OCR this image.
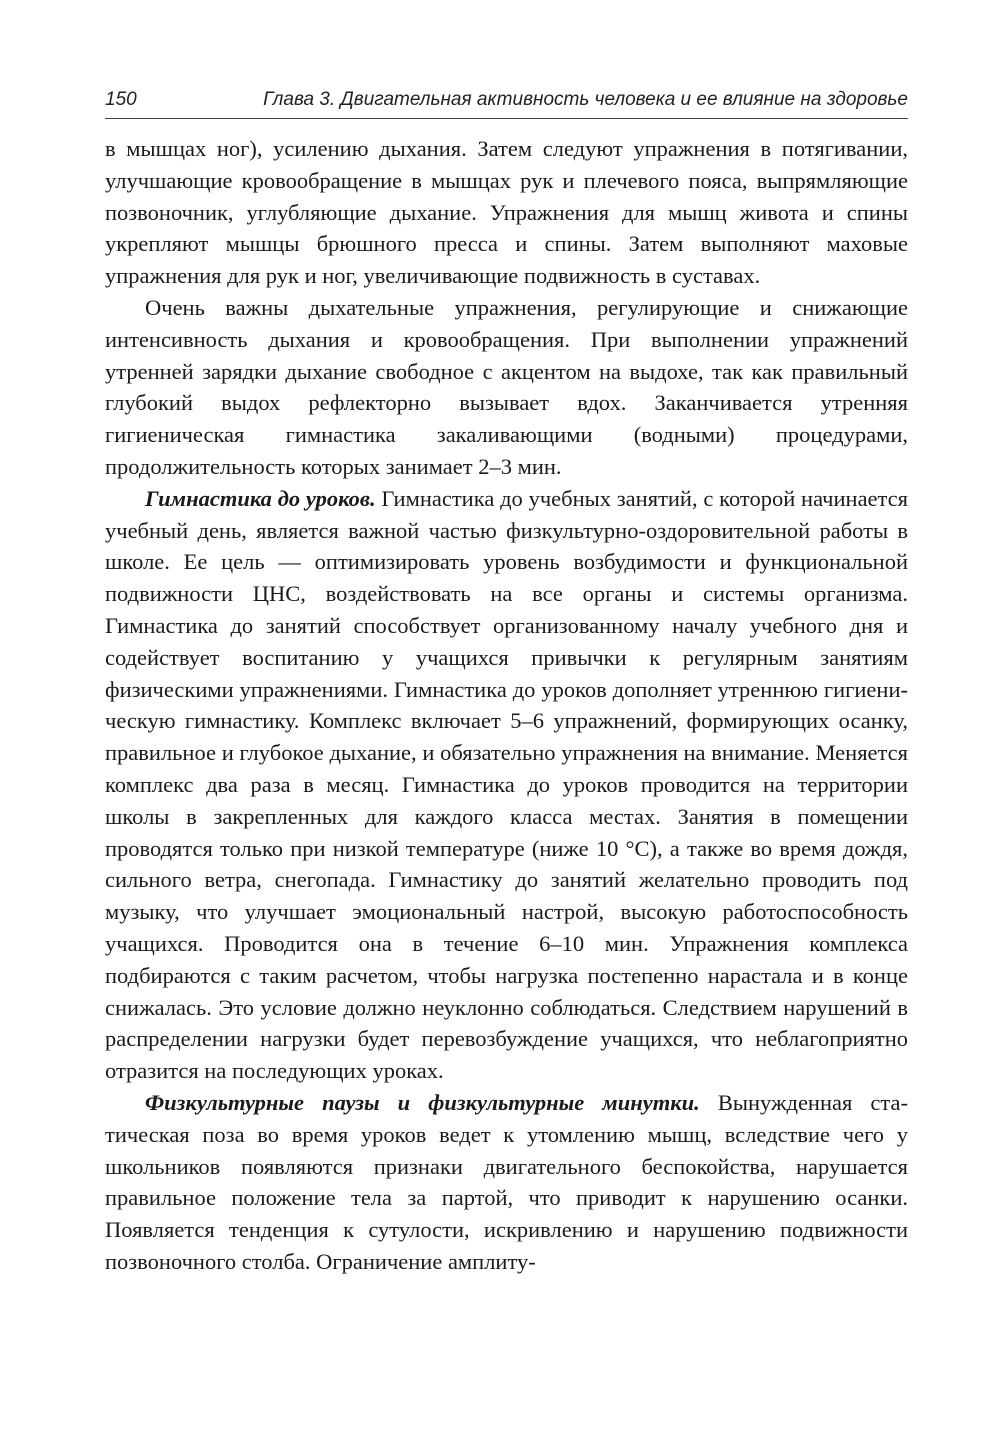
150	Глава 3. Двигательная активность человека и ее влияние на здоровье

в мышцах ног), усилению дыхания. Затем следуют упражнения в потягивании, улучшающие кровообращение в мышцах рук и плечевого пояса, выпрямляющие позвоночник, углубляющие дыхание. Упражнения для мышц живота и спины укрепляют мышцы брюшного пресса и спины. Затем выполняют маховые упражнения для рук и ног, увеличивающие подвижность в суставах.

Очень важны дыхательные упражнения, регулирующие и снижающие интенсивность дыхания и кровообращения. При выполнении упражнений утренней зарядки дыхание свободное с акцентом на выдохе, так как правильный глубокий выдох рефлекторно вызывает вдох. Заканчивается утренняя гигиеническая гимнастика закаливающими (водными) процедурами, продолжительность которых занимает 2–3 мин.

Гимнастика до уроков. Гимнастика до учебных занятий, с которой начинается учебный день, является важной частью физкультурно-оздоровительной работы в школе. Ее цель — оптимизировать уровень возбудимости и функциональной подвижности ЦНС, воздействовать на все органы и системы организма. Гимнастика до занятий способствует организованному началу учебного дня и содействует воспитанию у учащихся привычки к регулярным занятиям физическими упражнениями. Гимнастика до уроков дополняет утреннюю гигиеническую гимнастику. Комплекс включает 5–6 упражнений, формирующих осанку, правильное и глубокое дыхание, и обязательно упражнения на внимание. Меняется комплекс два раза в месяц. Гимнастика до уроков проводится на территории школы в закрепленных для каждого класса местах. Занятия в помещении проводятся только при низкой температуре (ниже 10 °С), а также во время дождя, сильного ветра, снегопада. Гимнастику до занятий желательно проводить под музыку, что улучшает эмоциональный настрой, высокую работоспособность учащихся. Проводится она в течение 6–10 мин. Упражнения комплекса подбираются с таким расчетом, чтобы нагрузка постепенно нарастала и в конце снижалась. Это условие должно неуклонно соблюдаться. Следствием нарушений в распределении нагрузки будет перевозбуждение учащихся, что неблагоприятно отразится на последующих уроках.

Физкультурные паузы и физкультурные минутки. Вынужденная статическая поза во время уроков ведет к утомлению мышц, вследствие чего у школьников появляются признаки двигательного беспокойства, нарушается правильное положение тела за партой, что приводит к нарушению осанки. Появляется тенденция к сутулости, искривлению и нарушению подвижности позвоночного столба. Ограничение амплиту-
